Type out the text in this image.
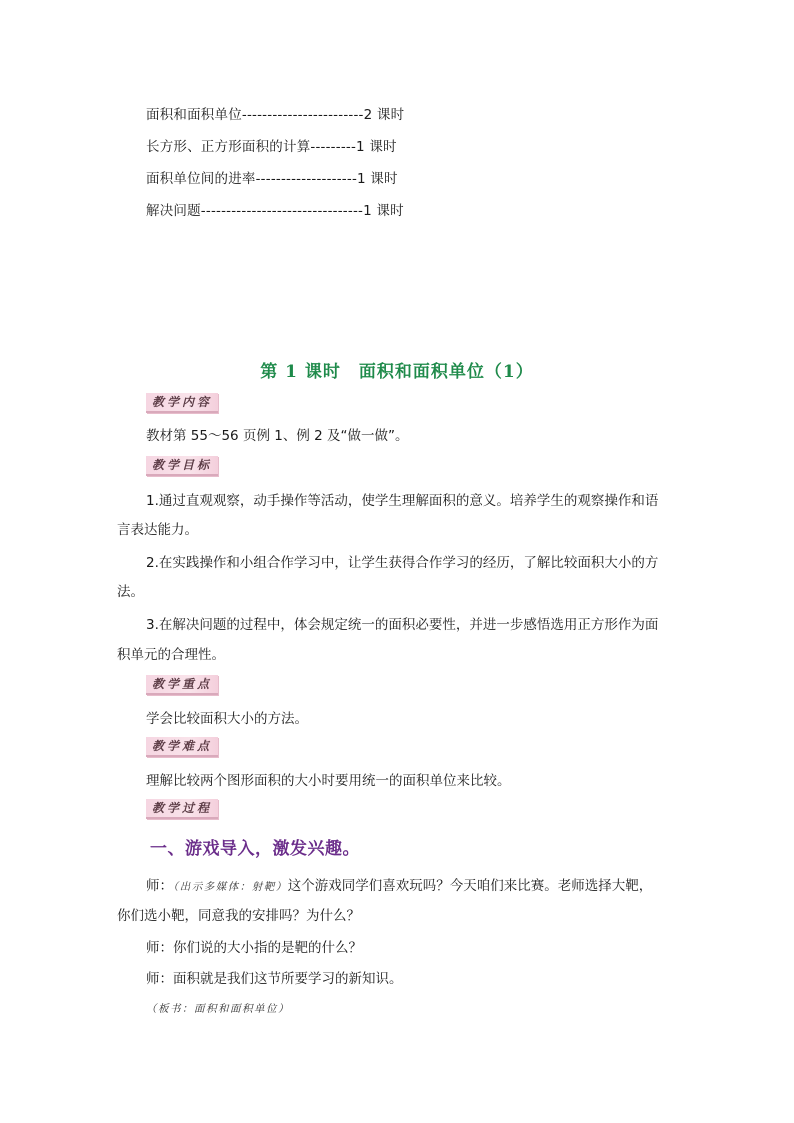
面积和面积单位------------------------2 课时
长方形、正方形面积的计算---------1 课时
面积单位间的进率--------------------1 课时
解决问题--------------------------------1 课时
第 1 课时　面积和面积单位（1）
教学内容
教材第 55～56 页例 1、例 2 及“做一做”。
教学目标
1.通过直观观察，动手操作等活动，使学生理解面积的意义。培养学生的观察操作和语
言表达能力。
2.在实践操作和小组合作学习中，让学生获得合作学习的经历，了解比较面积大小的方
法。
3.在解决问题的过程中，体会规定统一的面积必要性，并进一步感悟选用正方形作为面
积单元的合理性。
教学重点
学会比较面积大小的方法。
教学难点
理解比较两个图形面积的大小时要用统一的面积单位来比较。
教学过程
一、游戏导入，激发兴趣。
师：（出示多媒体：射靶）这个游戏同学们喜欢玩吗？今天咱们来比赛。老师选择大靶，
你们选小靶，同意我的安排吗？为什么？
师：你们说的大小指的是靶的什么？
师：面积就是我们这节所要学习的新知识。
（板书：面积和面积单位）
